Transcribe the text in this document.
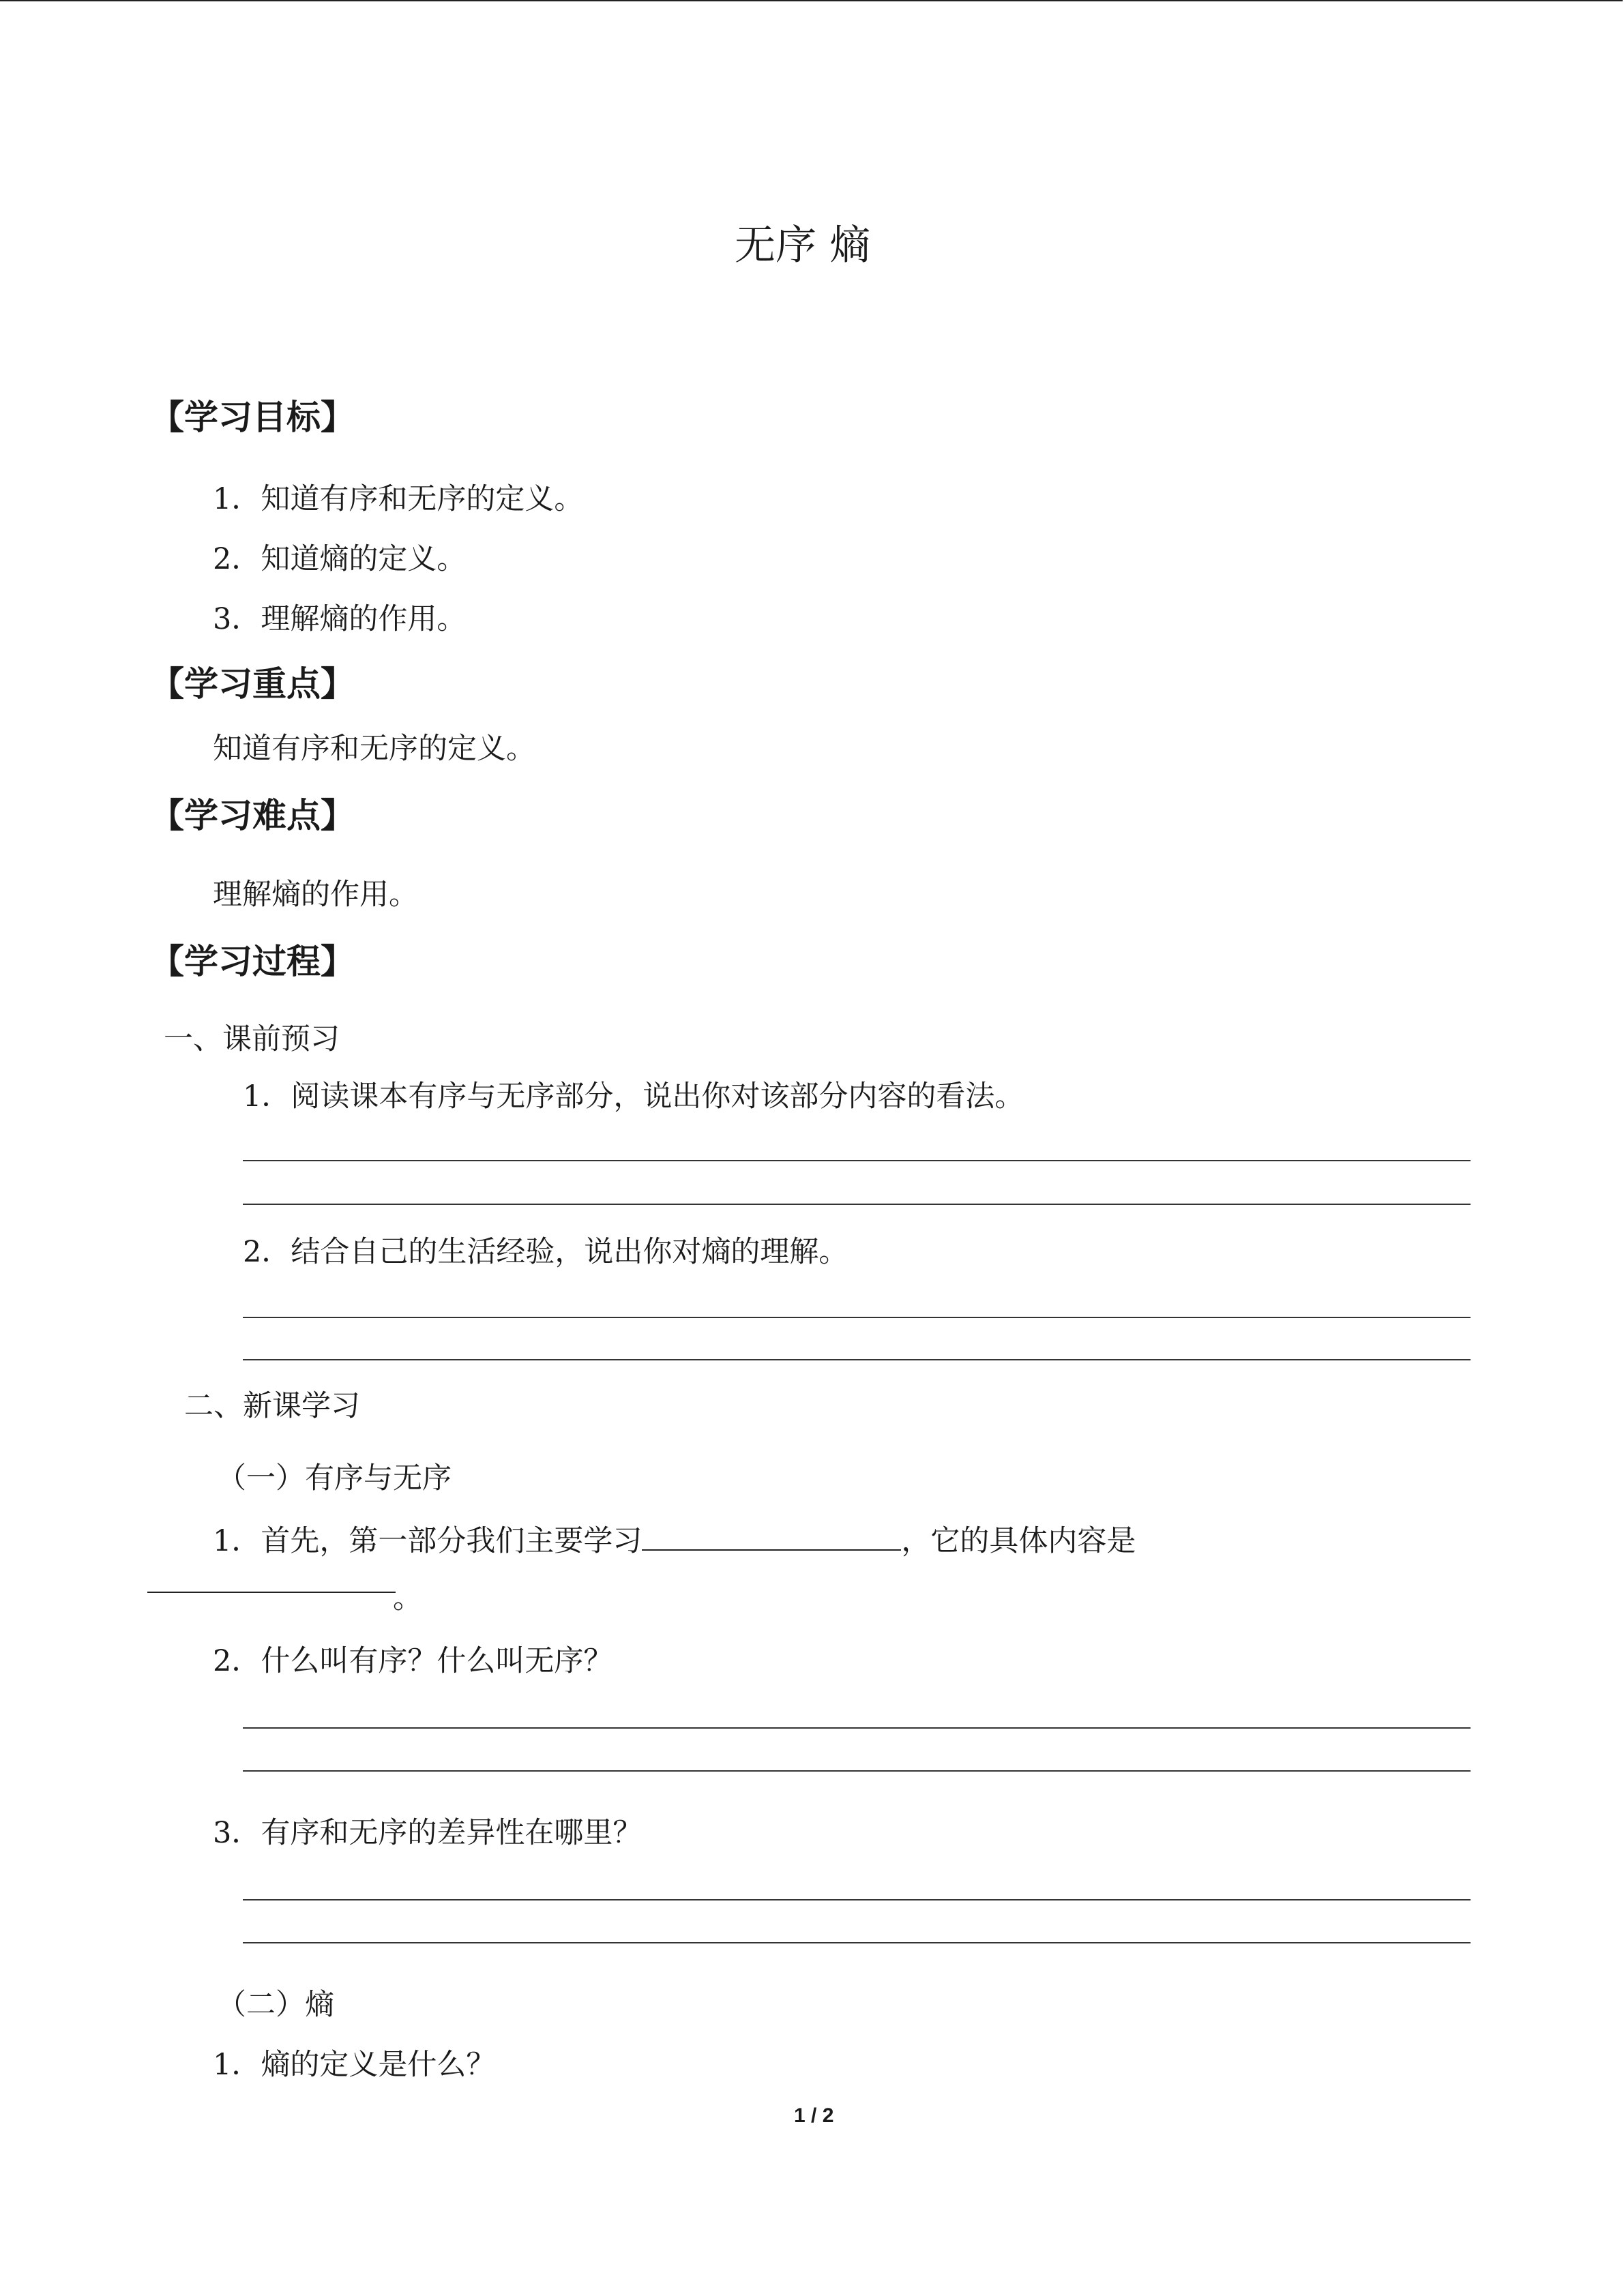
无序 熵
【学习目标】
1．知道有序和无序的定义。
2．知道熵的定义。
3．理解熵的作用。
【学习重点】
知道有序和无序的定义。
【学习难点】
理解熵的作用。
【学习过程】
一、课前预习
1．阅读课本有序与无序部分，说出你对该部分内容的看法。
2．结合自己的生活经验，说出你对熵的理解。
二、新课学习
（一）有序与无序
1．首先，第一部分我们主要学习	，它的具体内容是
。
2．什么叫有序？什么叫无序？
3．有序和无序的差异性在哪里？
（二）熵
1．熵的定义是什么？
1 / 2
